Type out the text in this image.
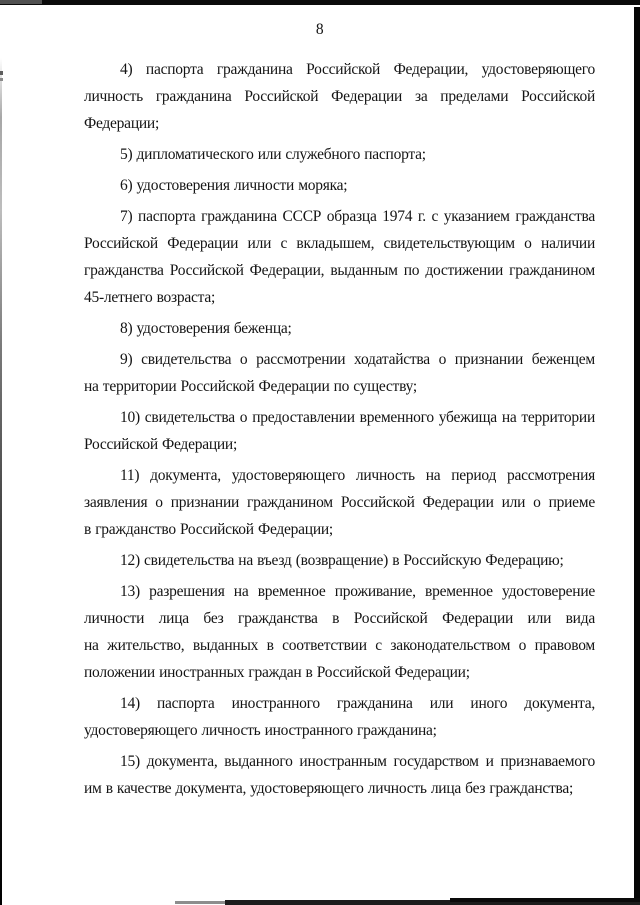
8

4) паспорта гражданина Российской Федерации, удостоверяющего
личность гражданина Российской Федерации за пределами Российской
Федерации;

5) дипломатического или служебного паспорта;

6) удостоверения личности моряка;

7) паспорта гражданина СССР образца 1974 г. с указанием гражданства
Российской Федерации или с вкладышем, свидетельствующим о наличии
гражданства Российской Федерации, выданным по достижении гражданином
45-летнего возраста;

8) удостоверения беженца;

9) свидетельства о рассмотрении ходатайства о признании беженцем
на территории Российской Федерации по существу;

10) свидетельства о предоставлении временного убежища на территории
Российской Федерации;

11) документа, удостоверяющего личность на период рассмотрения
заявления о признании гражданином Российской Федерации или о приеме
в гражданство Российской Федерации;

12) свидетельства на въезд (возвращение) в Российскую Федерацию;

13) разрешения на временное проживание, временное удостоверение
личности лица без гражданства в Российской Федерации или вида
на жительство, выданных в соответствии с законодательством о правовом
положении иностранных граждан в Российской Федерации;

14) паспорта иностранного гражданина или иного документа,
удостоверяющего личность иностранного гражданина;

15) документа, выданного иностранным государством и признаваемого
им в качестве документа, удостоверяющего личность лица без гражданства;
